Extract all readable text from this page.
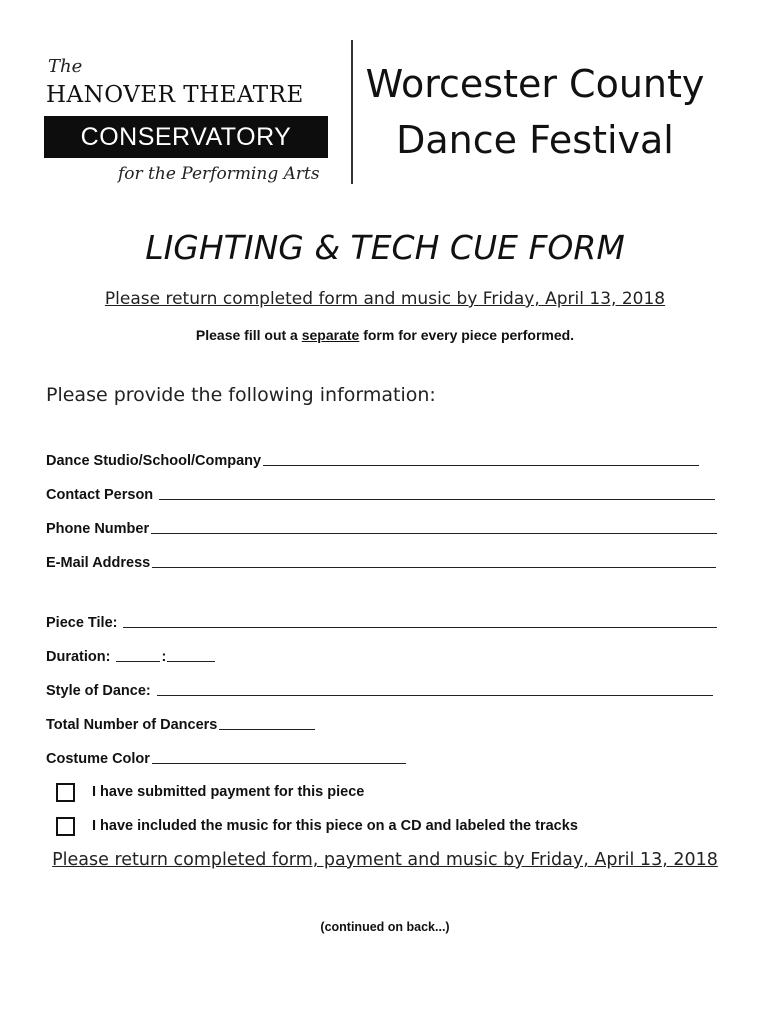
The
HANOVER THEATRE
CONSERVATORY
for the Performing Arts
Worcester County
Dance Festival
LIGHTING & TECH CUE FORM
Please return completed form and music by Friday, April 13, 2018
Please fill out a separate form for every piece performed.
Please provide the following information:
Dance Studio/School/Company
Contact Person
Phone Number
E-Mail Address
Piece Tile:
Duration:	:
Style of Dance:
Total Number of Dancers
Costume Color
I have submitted payment for this piece
I have included the music for this piece on a CD and labeled the tracks
Please return completed form, payment and music by Friday, April 13, 2018
(continued on back...)
